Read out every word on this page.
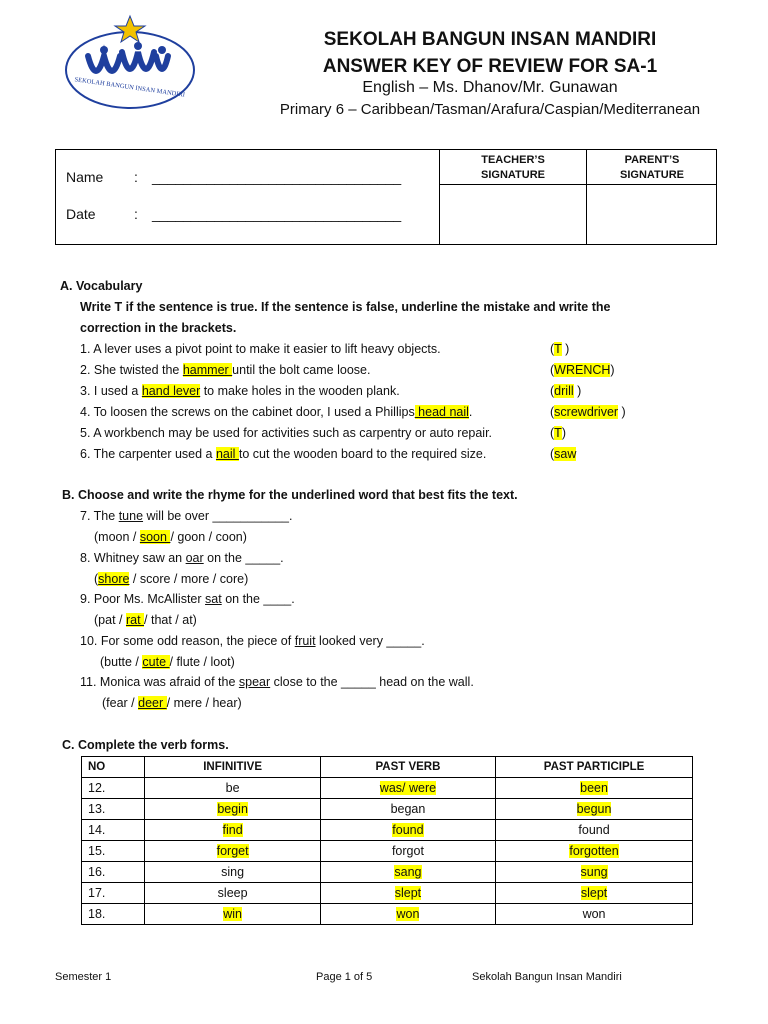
SEKOLAH BANGUN INSAN MANDIRI
SEKOLAH BANGUN INSAN MANDIRI
ANSWER KEY OF REVIEW FOR SA-1
English – Ms. Dhanov/Mr. Gunawan
Primary 6 – Caribbean/Tasman/Arafura/Caspian/Mediterranean
Name : ________________________________
Date	: ________________________________
TEACHER’S
SIGNATURE
PARENT’S
SIGNATURE
A. Vocabulary
Write T if the sentence is true. If the sentence is false, underline the mistake and write the
correction in the brackets.
1. A lever uses a pivot point to make it easier to lift heavy objects.	(T )
2. She twisted the hammer until the bolt came loose.	(WRENCH)
3. I used a hand lever to make holes in the wooden plank.	(drill )
4. To loosen the screws on the cabinet door, I used a Phillips head nail.	(screwdriver )
5. A workbench may be used for activities such as carpentry or auto repair.	(T)
6. The carpenter used a nail to cut the wooden board to the required size.	(saw
B. Choose and write the rhyme for the underlined word that best fits the text.
7. The tune will be over ___________.
(moon / soon / goon / coon)
8. Whitney saw an oar on the _____.
(shore / score / more / core)
9. Poor Ms. McAllister sat on the ____.
(pat / rat / that / at)
10. For some odd reason, the piece of fruit looked very _____.
(butte / cute / flute / loot)
11. Monica was afraid of the spear close to the _____ head on the wall.
(fear / deer / mere / hear)
C. Complete the verb forms.
NO	INFINITIVE	PAST VERB	PAST PARTICIPLE
12.	be	was/ were	been
13.	begin	began	begun
14.	find	found	found
15.	forget	forgot	forgotten
16.	sing	sang	sung
17.	sleep	slept	slept
18.	win	won	won
Semester 1	Page 1 of 5	Sekolah Bangun Insan Mandiri
